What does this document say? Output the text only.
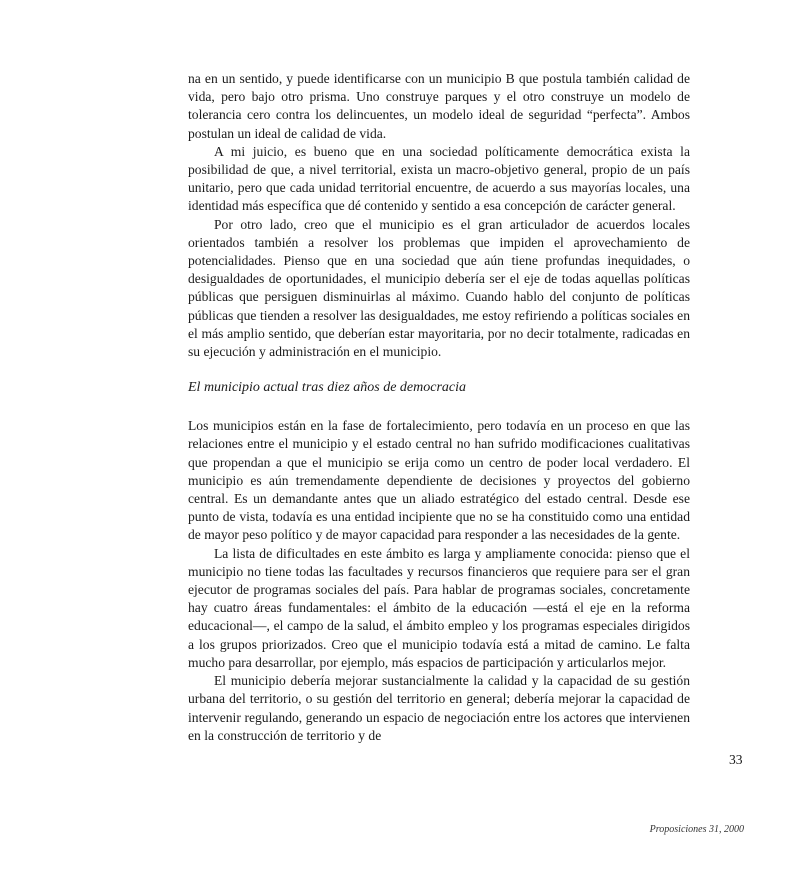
na en un sentido, y puede identificarse con un municipio B que postula también calidad de vida, pero bajo otro prisma. Uno construye parques y el otro construye un modelo de tolerancia cero contra los delincuentes, un modelo ideal de seguridad “perfecta”. Ambos postulan un ideal de calidad de vida.

A mi juicio, es bueno que en una sociedad políticamente democrática exista la posibilidad de que, a nivel territorial, exista un macro-objetivo general, propio de un país unitario, pero que cada unidad territorial encuentre, de acuerdo a sus mayorías locales, una identidad más específica que dé contenido y sentido a esa concepción de carácter general.

Por otro lado, creo que el municipio es el gran articulador de acuerdos locales orientados también a resolver los problemas que impiden el aprovechamiento de potencialidades. Pienso que en una sociedad que aún tiene profundas inequidades, o desigualdades de oportunidades, el municipio debería ser el eje de todas aquellas políticas públicas que persiguen disminuirlas al máximo. Cuando hablo del conjunto de políticas públicas que tienden a resolver las desigualdades, me estoy refiriendo a políticas sociales en el más amplio sentido, que deberían estar mayoritaria, por no decir totalmente, radicadas en su ejecución y administración en el municipio.

El municipio actual tras diez años de democracia

Los municipios están en la fase de fortalecimiento, pero todavía en un proceso en que las relaciones entre el municipio y el estado central no han sufrido modificaciones cualitativas que propendan a que el municipio se erija como un centro de poder local verdadero. El municipio es aún tremendamente dependiente de decisiones y proyectos del gobierno central. Es un demandante antes que un aliado estratégico del estado central. Desde ese punto de vista, todavía es una entidad incipiente que no se ha constituido como una entidad de mayor peso político y de mayor capacidad para responder a las necesidades de la gente.

La lista de dificultades en este ámbito es larga y ampliamente conocida: pienso que el municipio no tiene todas las facultades y recursos financieros que requiere para ser el gran ejecutor de programas sociales del país. Para hablar de programas sociales, concretamente hay cuatro áreas fundamentales: el ámbito de la educación —está el eje en la reforma educacional—, el campo de la salud, el ámbito empleo y los programas especiales dirigidos a los grupos priorizados. Creo que el municipio todavía está a mitad de camino. Le falta mucho para desarrollar, por ejemplo, más espacios de participación y articularlos mejor.

El municipio debería mejorar sustancialmente la calidad y la capacidad de su gestión urbana del territorio, o su gestión del territorio en general; debería mejorar la capacidad de intervenir regulando, generando un espacio de negociación entre los actores que intervienen en la construcción de territorio y de

33
Proposiciones 31, 2000
